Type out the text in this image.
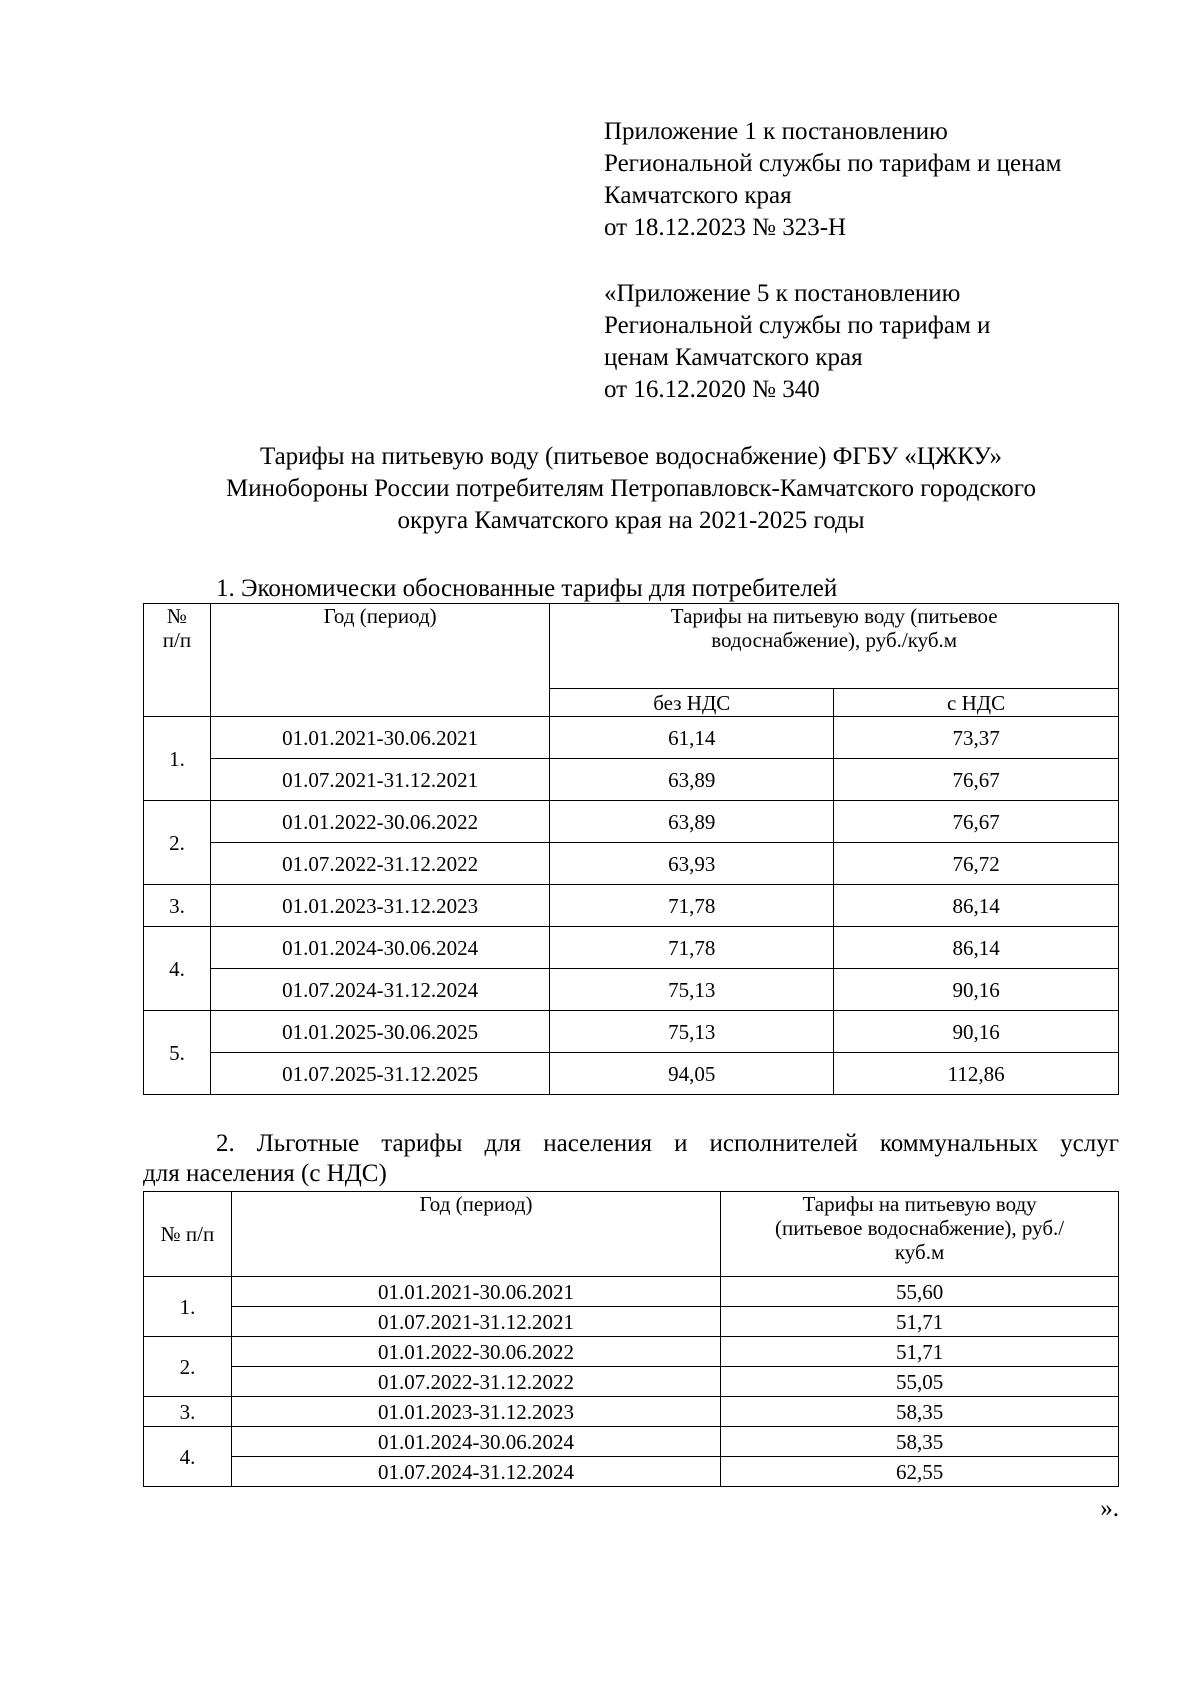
Приложение 1 к постановлению
Региональной службы по тарифам и ценам
Камчатского края
от 18.12.2023 № 323-Н
«Приложение 5 к постановлению
Региональной службы по тарифам и
ценам Камчатского края
от 16.12.2020 № 340
Тарифы на питьевую воду (питьевое водоснабжение) ФГБУ «ЦЖКУ»
Минобороны России потребителям Петропавловск-Камчатского городского
округа Камчатского края на 2021-2025 годы
1. Экономически обоснованные тарифы для потребителей
№ п/п	Год (период)	Тарифы на питьевую воду (питьевое водоснабжение), руб./куб.м	

		без НДС	с НДС
1.	01.01.2021-30.06.2021	61,14	73,37
	01.07.2021-31.12.2021	63,89	76,67
2.	01.01.2022-30.06.2022	63,89	76,67
	01.07.2022-31.12.2022	63,93	76,72
3.	01.01.2023-31.12.2023	71,78	86,14
4.	01.01.2024-30.06.2024	71,78	86,14
	01.07.2024-31.12.2024	75,13	90,16
5.	01.01.2025-30.06.2025	75,13	90,16
	01.07.2025-31.12.2025	94,05	112,86
2. Льготные тарифы для населения и исполнителей коммунальных услуг
для населения (с НДС)
№ п/п	Год (период)	Тарифы на питьевую воду (питьевое водоснабжение), руб./куб.м

1.	01.01.2021-30.06.2021	55,60
	01.07.2021-31.12.2021	51,71
2.	01.01.2022-30.06.2022	51,71
	01.07.2022-31.12.2022	55,05
3.	01.01.2023-31.12.2023	58,35
4.	01.01.2024-30.06.2024	58,35
	01.07.2024-31.12.2024	62,55
».
